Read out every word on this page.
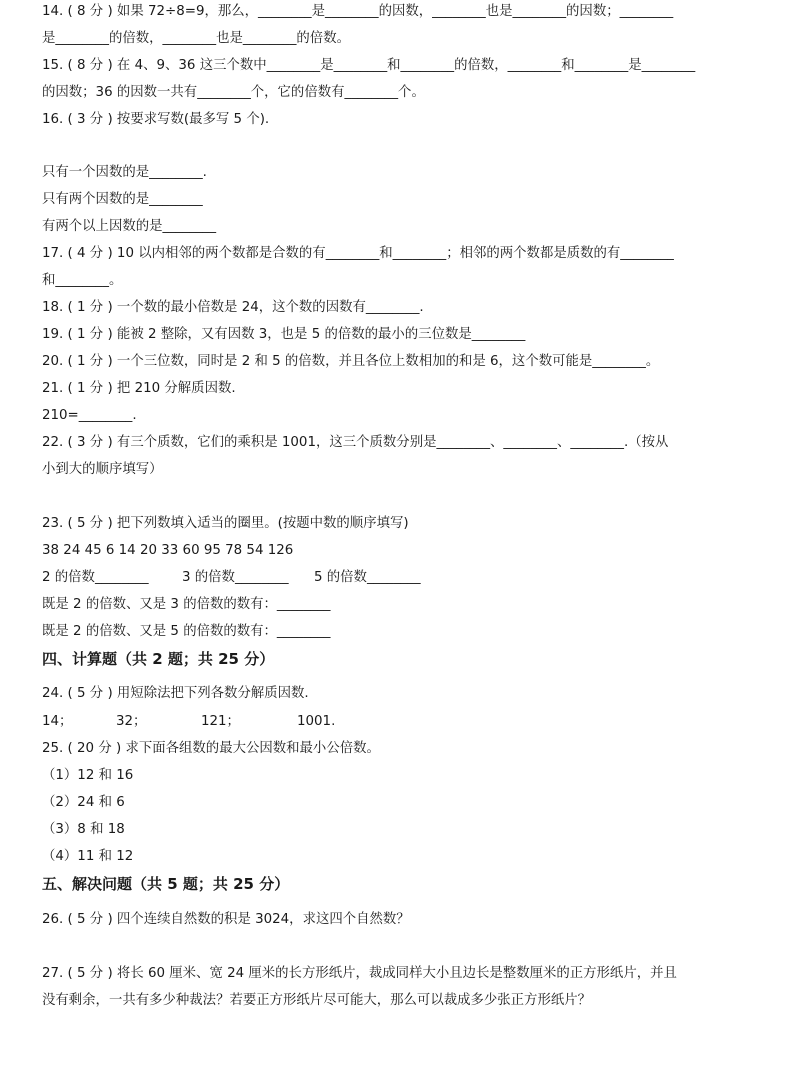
14. ( 8 分 ) 如果 72÷8=9，那么，________是________的因数，________也是________的因数；________
是________的倍数，________也是________的倍数。
15. ( 8 分 ) 在 4、9、36 这三个数中________是________和________的倍数，________和________是________
的因数；36 的因数一共有________个，它的倍数有________个。
16. ( 3 分 ) 按要求写数(最多写 5 个).
只有一个因数的是________.
只有两个因数的是________
有两个以上因数的是________
17. ( 4 分 ) 10 以内相邻的两个数都是合数的有________和________；相邻的两个数都是质数的有________
和________。
18. ( 1 分 ) 一个数的最小倍数是 24，这个数的因数有________.
19. ( 1 分 ) 能被 2 整除，又有因数 3，也是 5 的倍数的最小的三位数是________
20. ( 1 分 ) 一个三位数，同时是 2 和 5 的倍数，并且各位上数相加的和是 6，这个数可能是________。
21. ( 1 分 ) 把 210 分解质因数.
210=________.
22. ( 3 分 ) 有三个质数，它们的乘积是 1001，这三个质数分别是________、________、________.（按从
小到大的顺序填写）
23. ( 5 分 ) 把下列数填入适当的圈里。(按题中数的顺序填写)
38 24 45 6 14 20 33 60 95 78 54 126
2 的倍数________ 3 的倍数________ 5 的倍数________
既是 2 的倍数、又是 3 的倍数的数有：________
既是 2 的倍数、又是 5 的倍数的数有：________
四、计算题（共 2 题；共 25 分）
24. ( 5 分 ) 用短除法把下列各数分解质因数.
14；	32；	121；	1001.
25. ( 20 分 ) 求下面各组数的最大公因数和最小公倍数。
（1）12 和 16
（2）24 和 6
（3）8 和 18
（4）11 和 12
五、解决问题（共 5 题；共 25 分）
26. ( 5 分 ) 四个连续自然数的积是 3024，求这四个自然数？
27. ( 5 分 ) 将长 60 厘米、宽 24 厘米的长方形纸片，裁成同样大小且边长是整数厘米的正方形纸片，并且
没有剩余，一共有多少种裁法？若要正方形纸片尽可能大，那么可以裁成多少张正方形纸片？
